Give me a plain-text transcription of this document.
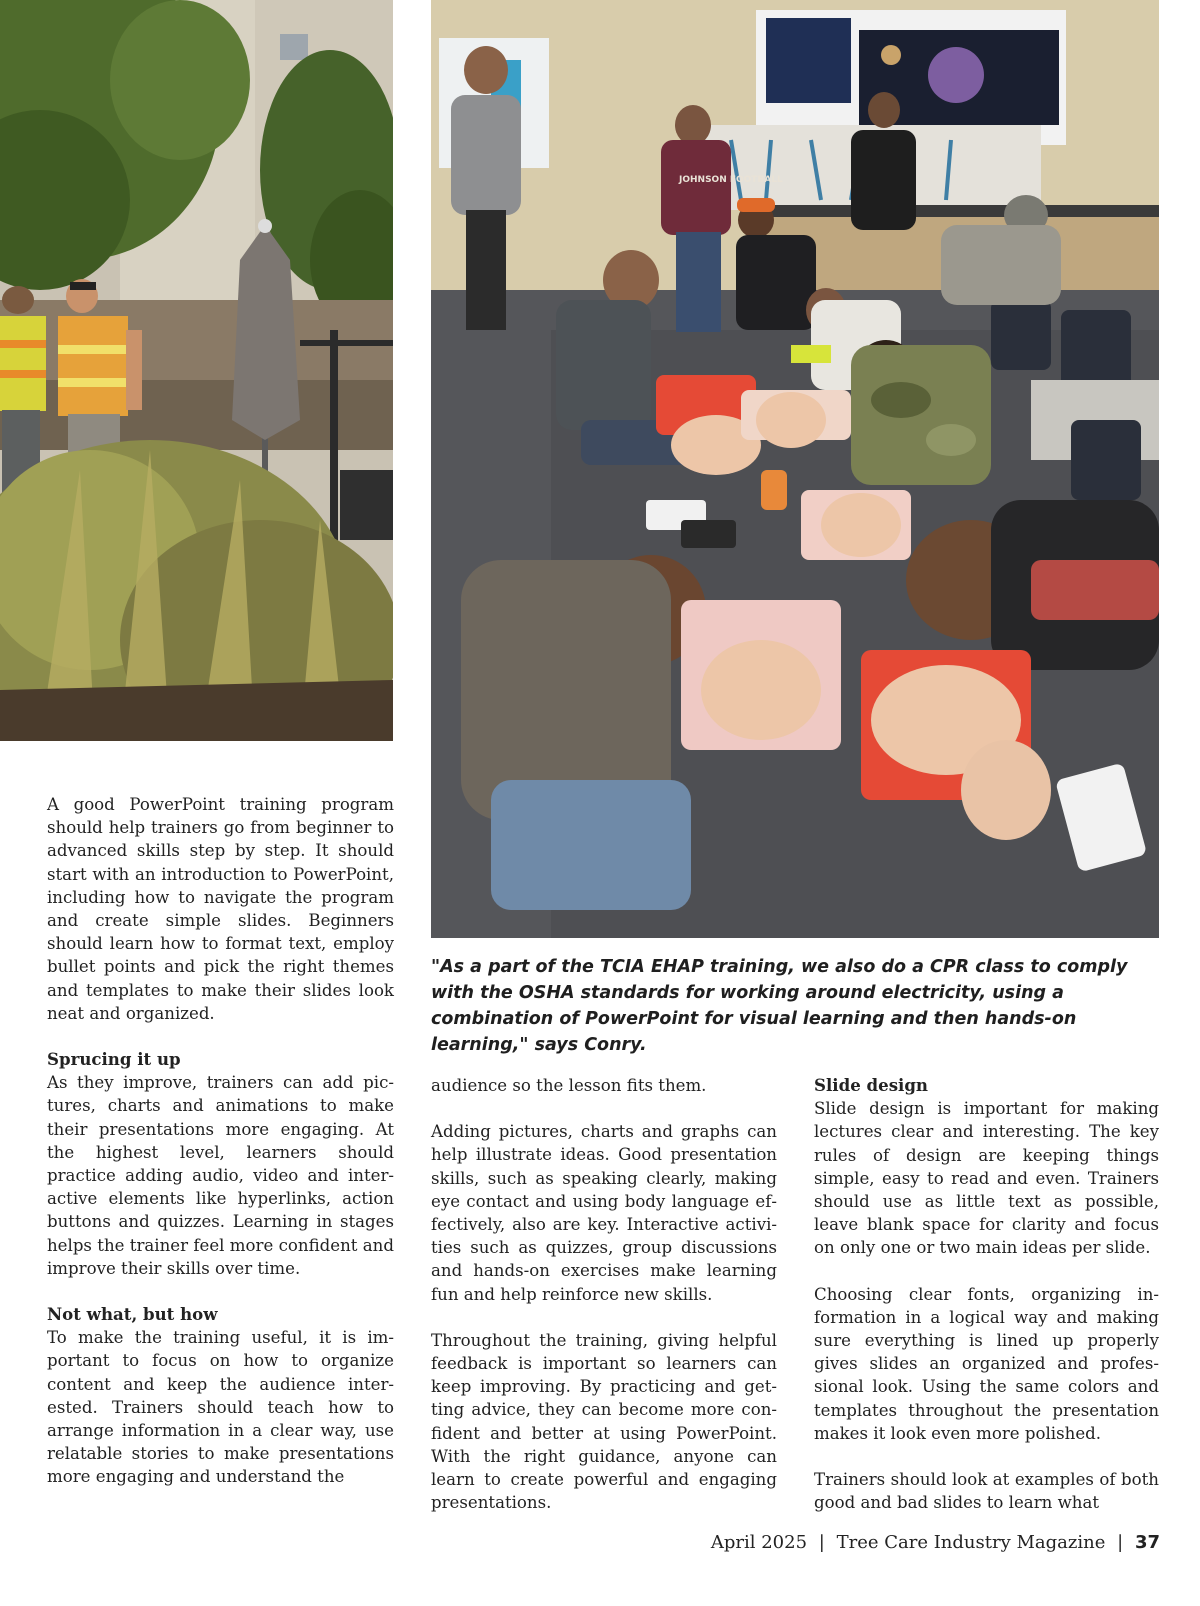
JOHNSON FOOTBALL

"As a part of the TCIA EHAP training, we also do a CPR class to comply with the OSHA standards for working around electricity, using a combination of PowerPoint for visual learning and then hands-on learning," says Conry.

A good PowerPoint training program should help trainers go from beginner to advanced skills step by step. It should start with an introduction to PowerPoint, including how to navigate the program and create simple slides. Beginners should learn how to format text, employ bullet points and pick the right themes and templates to make their slides look neat and organized.

Sprucing it up

As they improve, trainers can add pictures, charts and animations to make their presentations more engaging. At the highest level, learners should practice adding audio, video and interactive elements like hyperlinks, action buttons and quizzes. Learning in stages helps the trainer feel more confident and improve their skills over time.

Not what, but how

To make the training useful, it is important to focus on how to organize content and keep the audience interested. Trainers should teach how to arrange information in a clear way, use relatable stories to make presentations more engaging and understand the

audience so the lesson fits them.

Adding pictures, charts and graphs can help illustrate ideas. Good presentation skills, such as speaking clearly, making eye contact and using body language effectively, also are key. Interactive activities such as quizzes, group discussions and hands-on exercises make learning fun and help reinforce new skills.

Throughout the training, giving helpful feedback is important so learners can keep improving. By practicing and getting advice, they can become more confident and better at using PowerPoint. With the right guidance, anyone can learn to create powerful and engaging presentations.

Slide design

Slide design is important for making lectures clear and interesting. The key rules of design are keeping things simple, easy to read and even. Trainers should use as little text as possible, leave blank space for clarity and focus on only one or two main ideas per slide.

Choosing clear fonts, organizing information in a logical way and making sure everything is lined up properly gives slides an organized and professional look. Using the same colors and templates throughout the presentation makes it look even more polished.

Trainers should look at examples of both good and bad slides to learn what

April 2025 | Tree Care Industry Magazine | 37
